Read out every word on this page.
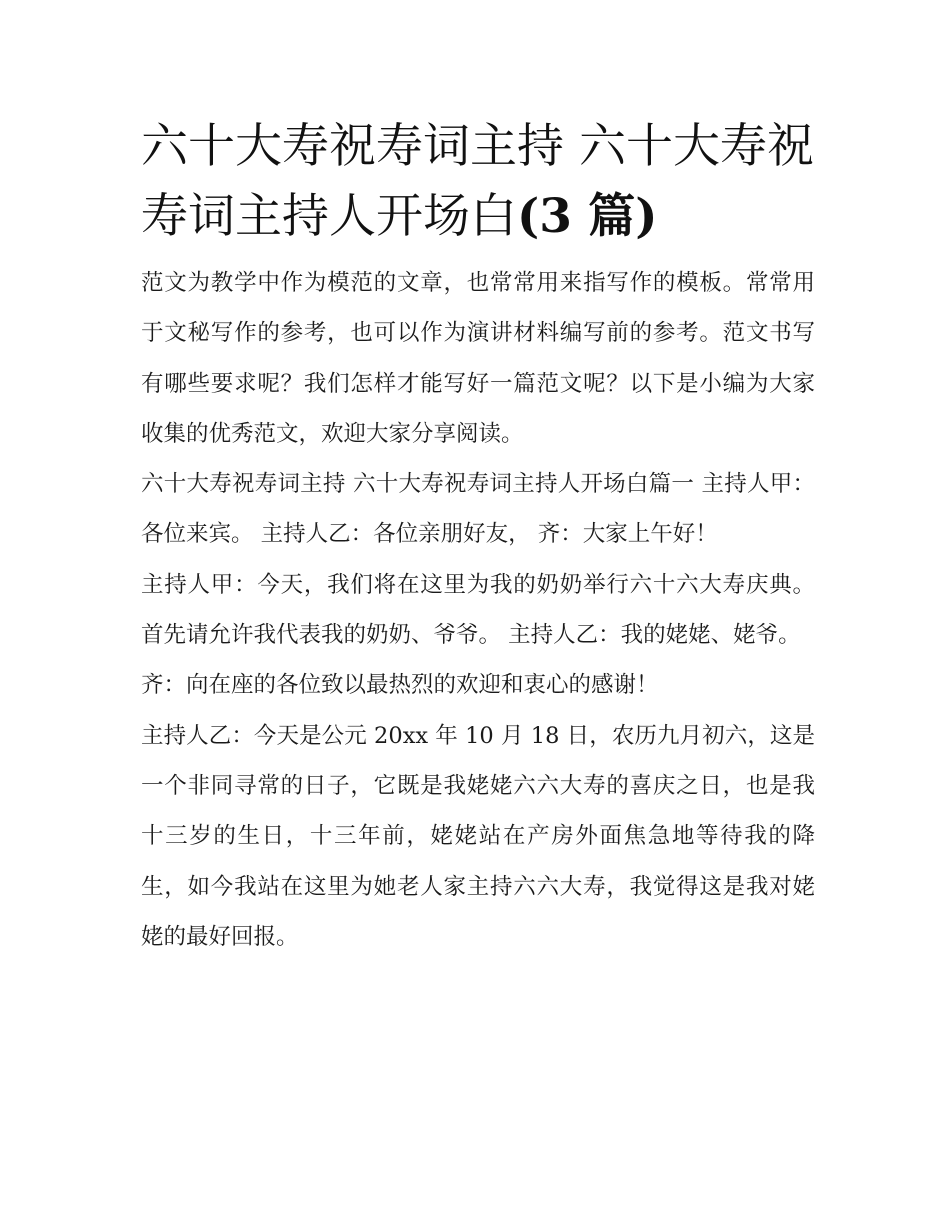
六十大寿祝寿词主持 六十大寿祝寿词主持人开场白(3 篇)

范文为教学中作为模范的文章，也常常用来指写作的模板。常常用于文秘写作的参考，也可以作为演讲材料编写前的参考。范文书写有哪些要求呢？我们怎样才能写好一篇范文呢？以下是小编为大家收集的优秀范文，欢迎大家分享阅读。

六十大寿祝寿词主持 六十大寿祝寿词主持人开场白篇一 主持人甲：各位来宾。 主持人乙：各位亲朋好友， 齐：大家上午好！

主持人甲：今天，我们将在这里为我的奶奶举行六十六大寿庆典。首先请允许我代表我的奶奶、爷爷。 主持人乙：我的姥姥、姥爷。

齐：向在座的各位致以最热烈的欢迎和衷心的感谢！

主持人乙：今天是公元 20xx 年 10 月 18 日，农历九月初六，这是一个非同寻常的日子，它既是我姥姥六六大寿的喜庆之日，也是我十三岁的生日，十三年前，姥姥站在产房外面焦急地等待我的降生，如今我站在这里为她老人家主持六六大寿，我觉得这是我对姥姥的最好回报。
